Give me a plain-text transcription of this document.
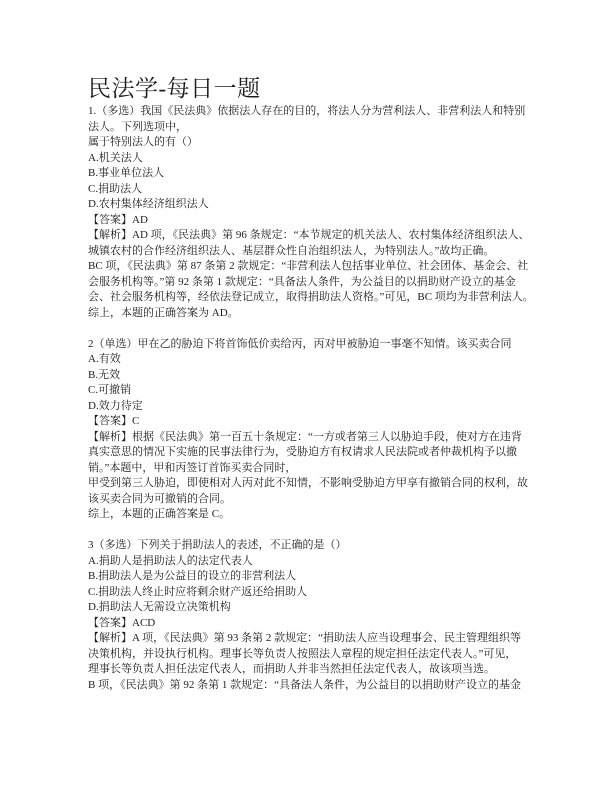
民法学-每日一题
1.（多选）我国《民法典》依据法人存在的目的，将法人分为营利法人、非营利法人和特别
法人。下列选项中，
属于特别法人的有（）
A.机关法人
B.事业单位法人
C.捐助法人
D.农村集体经济组织法人
【答案】AD
【解析】AD 项，《民法典》第 96 条规定：“本节规定的机关法人、农村集体经济组织法人、
城镇农村的合作经济组织法人、基层群众性自治组织法人，为特别法人。”故均正确。
BC 项，《民法典》第 87 条第 2 款规定：“非营利法人包括事业单位、社会团体、基金会、社
会服务机构等。”第 92 条第 1 款规定：“具备法人条件，为公益目的以捐助财产设立的基金
会、社会服务机构等，经依法登记成立，取得捐助法人资格。”可见，BC 项均为非营利法人。
综上，本题的正确答案为 AD。
2（单选）甲在乙的胁迫下将首饰低价卖给丙，丙对甲被胁迫一事毫不知情。该买卖合同
A.有效
B.无效
C.可撤销
D.效力待定
【答案】C
【解析】根据《民法典》第一百五十条规定：“一方或者第三人以胁迫手段，使对方在违背
真实意思的情况下实施的民事法律行为，受胁迫方有权请求人民法院或者仲裁机构予以撤
销。”本题中，甲和丙签订首饰买卖合同时，
甲受到第三人胁迫，即使相对人丙对此不知情，不影响受胁迫方甲享有撤销合同的权利，故
该买卖合同为可撤销的合同。
综上，本题的正确答案是 C。
3（多选）下列关于捐助法人的表述，不正确的是（）
A.捐助人是捐助法人的法定代表人
B.捐助法人是为公益目的设立的非营利法人
C.捐助法人终止时应将剩余财产返还给捐助人
D.捐助法人无需设立决策机构
【答案】ACD
【解析】A 项，《民法典》第 93 条第 2 款规定：“捐助法人应当设理事会、民主管理组织等
决策机构，并设执行机构。理事长等负责人按照法人章程的规定担任法定代表人。”可见，
理事长等负责人担任法定代表人，而捐助人并非当然担任法定代表人，故该项当选。
B 项，《民法典》第 92 条第 1 款规定：“具备法人条件，为公益目的以捐助财产设立的基金
